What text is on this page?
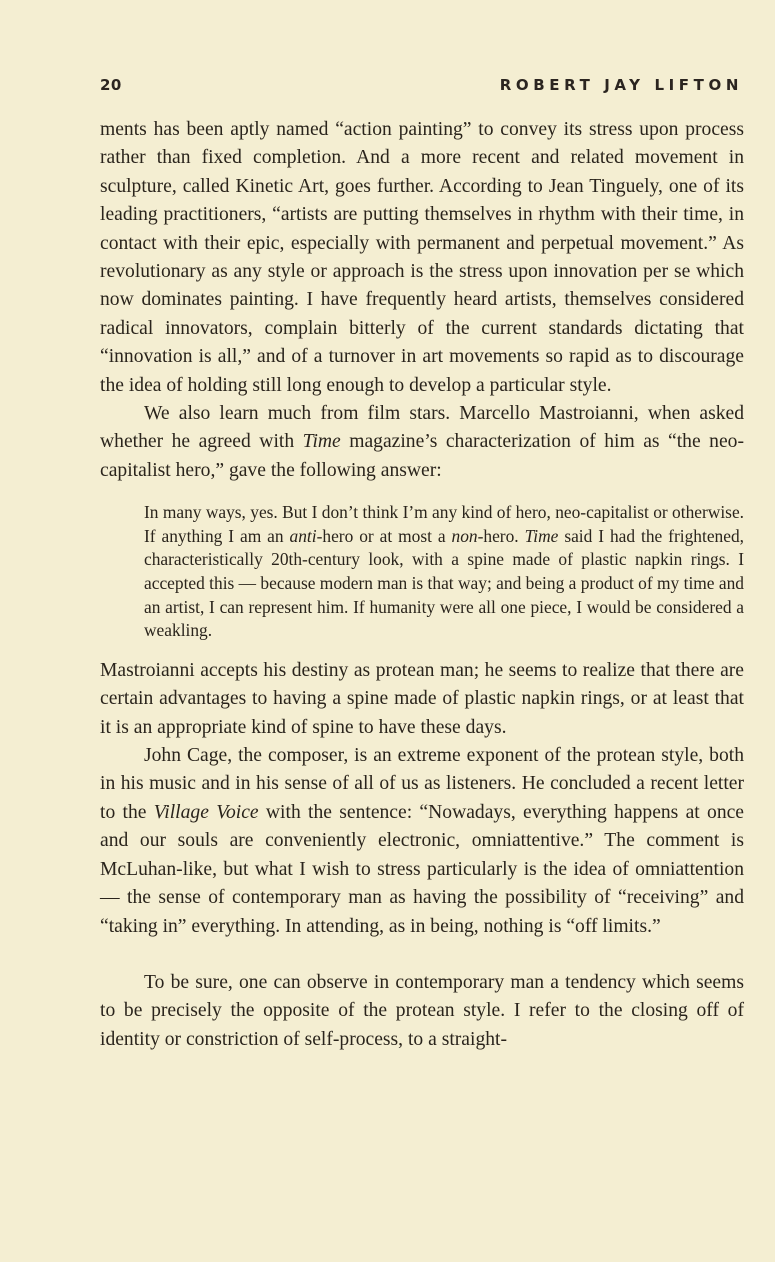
20	ROBERT JAY LIFTON

ments has been aptly named “action painting” to convey its stress upon process rather than fixed completion. And a more recent and related movement in sculpture, called Kinetic Art, goes further. According to Jean Tinguely, one of its leading practitioners, “artists are putting themselves in rhythm with their time, in contact with their epic, especially with permanent and perpetual movement.” As revolutionary as any style or approach is the stress upon innovation per se which now dominates painting. I have frequently heard artists, themselves considered radical innovators, complain bitterly of the current standards dictating that “innovation is all,” and of a turnover in art movements so rapid as to discourage the idea of holding still long enough to develop a particular style.

We also learn much from film stars. Marcello Mastroianni, when asked whether he agreed with Time magazine’s characterization of him as “the neo-capitalist hero,” gave the following answer:

In many ways, yes. But I don’t think I’m any kind of hero, neo-capitalist or otherwise. If anything I am an anti-hero or at most a non-hero. Time said I had the frightened, characteristically 20th-century look, with a spine made of plastic napkin rings. I accepted this — because modern man is that way; and being a product of my time and an artist, I can represent him. If humanity were all one piece, I would be considered a weakling.

Mastroianni accepts his destiny as protean man; he seems to realize that there are certain advantages to having a spine made of plastic napkin rings, or at least that it is an appropriate kind of spine to have these days.

John Cage, the composer, is an extreme exponent of the protean style, both in his music and in his sense of all of us as listeners. He concluded a recent letter to the Village Voice with the sentence: “Nowadays, everything happens at once and our souls are conveniently electronic, omniattentive.” The comment is McLuhan-like, but what I wish to stress particularly is the idea of omniattention — the sense of contemporary man as having the possibility of “receiving” and “taking in” everything. In attending, as in being, nothing is “off limits.”

To be sure, one can observe in contemporary man a tendency which seems to be precisely the opposite of the protean style. I refer to the closing off of identity or constriction of self-process, to a straight-
